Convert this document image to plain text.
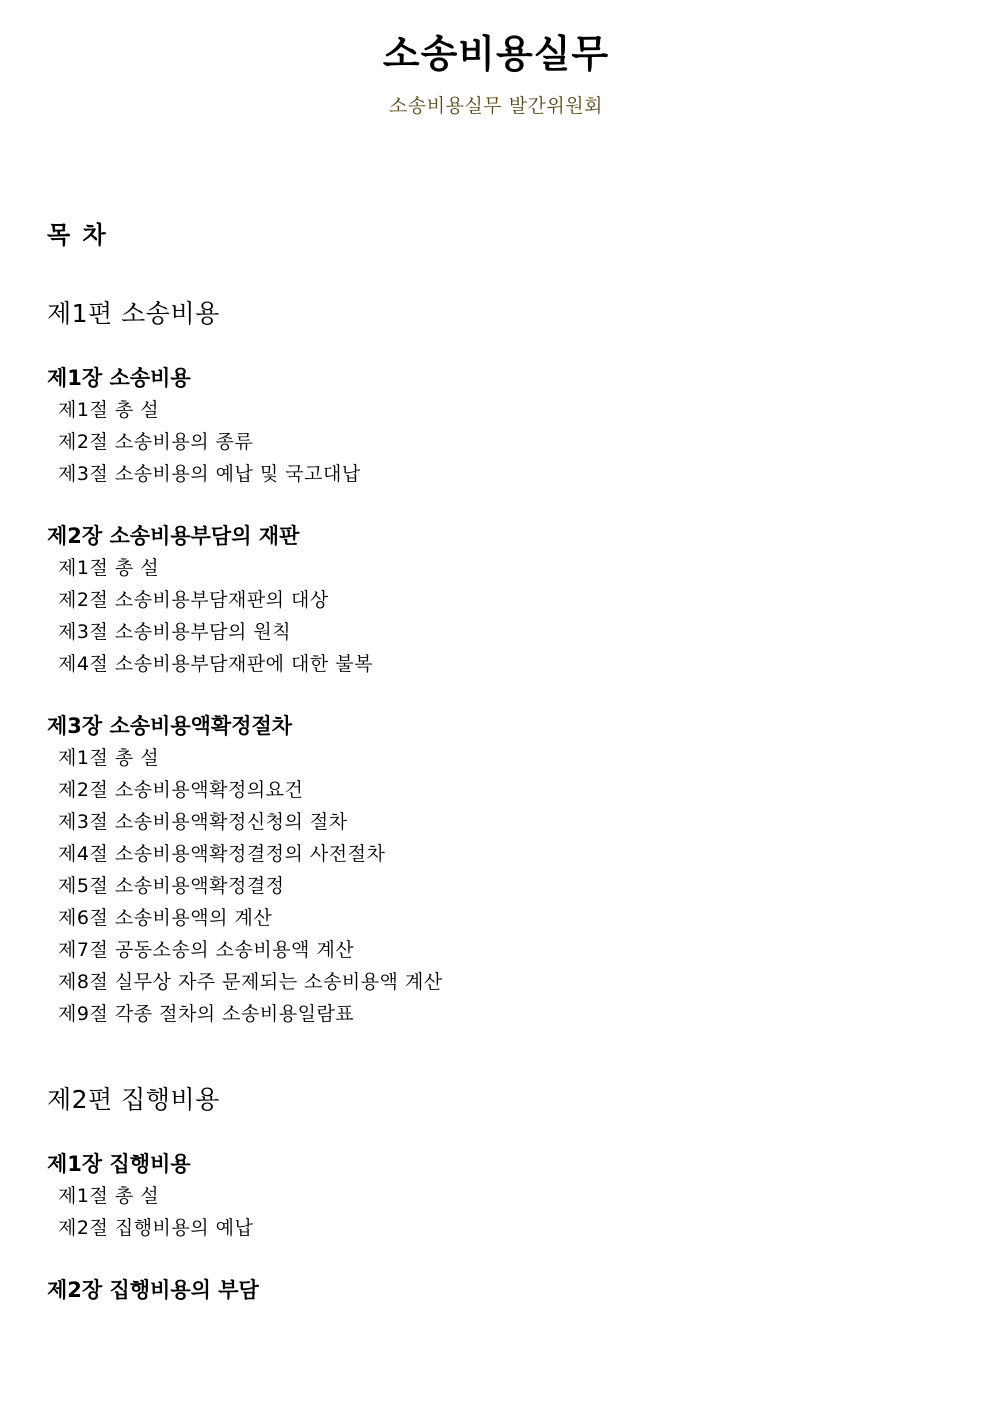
소송비용실무
소송비용실무 발간위원회
목 차
제1편 소송비용
제1장 소송비용
제1절 총 설
제2절 소송비용의 종류
제3절 소송비용의 예납 및 국고대납
제2장 소송비용부담의 재판
제1절 총 설
제2절 소송비용부담재판의 대상
제3절 소송비용부담의 원칙
제4절 소송비용부담재판에 대한 불복
제3장 소송비용액확정절차
제1절 총 설
제2절 소송비용액확정의요건
제3절 소송비용액확정신청의 절차
제4절 소송비용액확정결정의 사전절차
제5절 소송비용액확정결정
제6절 소송비용액의 계산
제7절 공동소송의 소송비용액 계산
제8절 실무상 자주 문제되는 소송비용액 계산
제9절 각종 절차의 소송비용일람표
제2편 집행비용
제1장 집행비용
제1절 총 설
제2절 집행비용의 예납
제2장 집행비용의 부담
